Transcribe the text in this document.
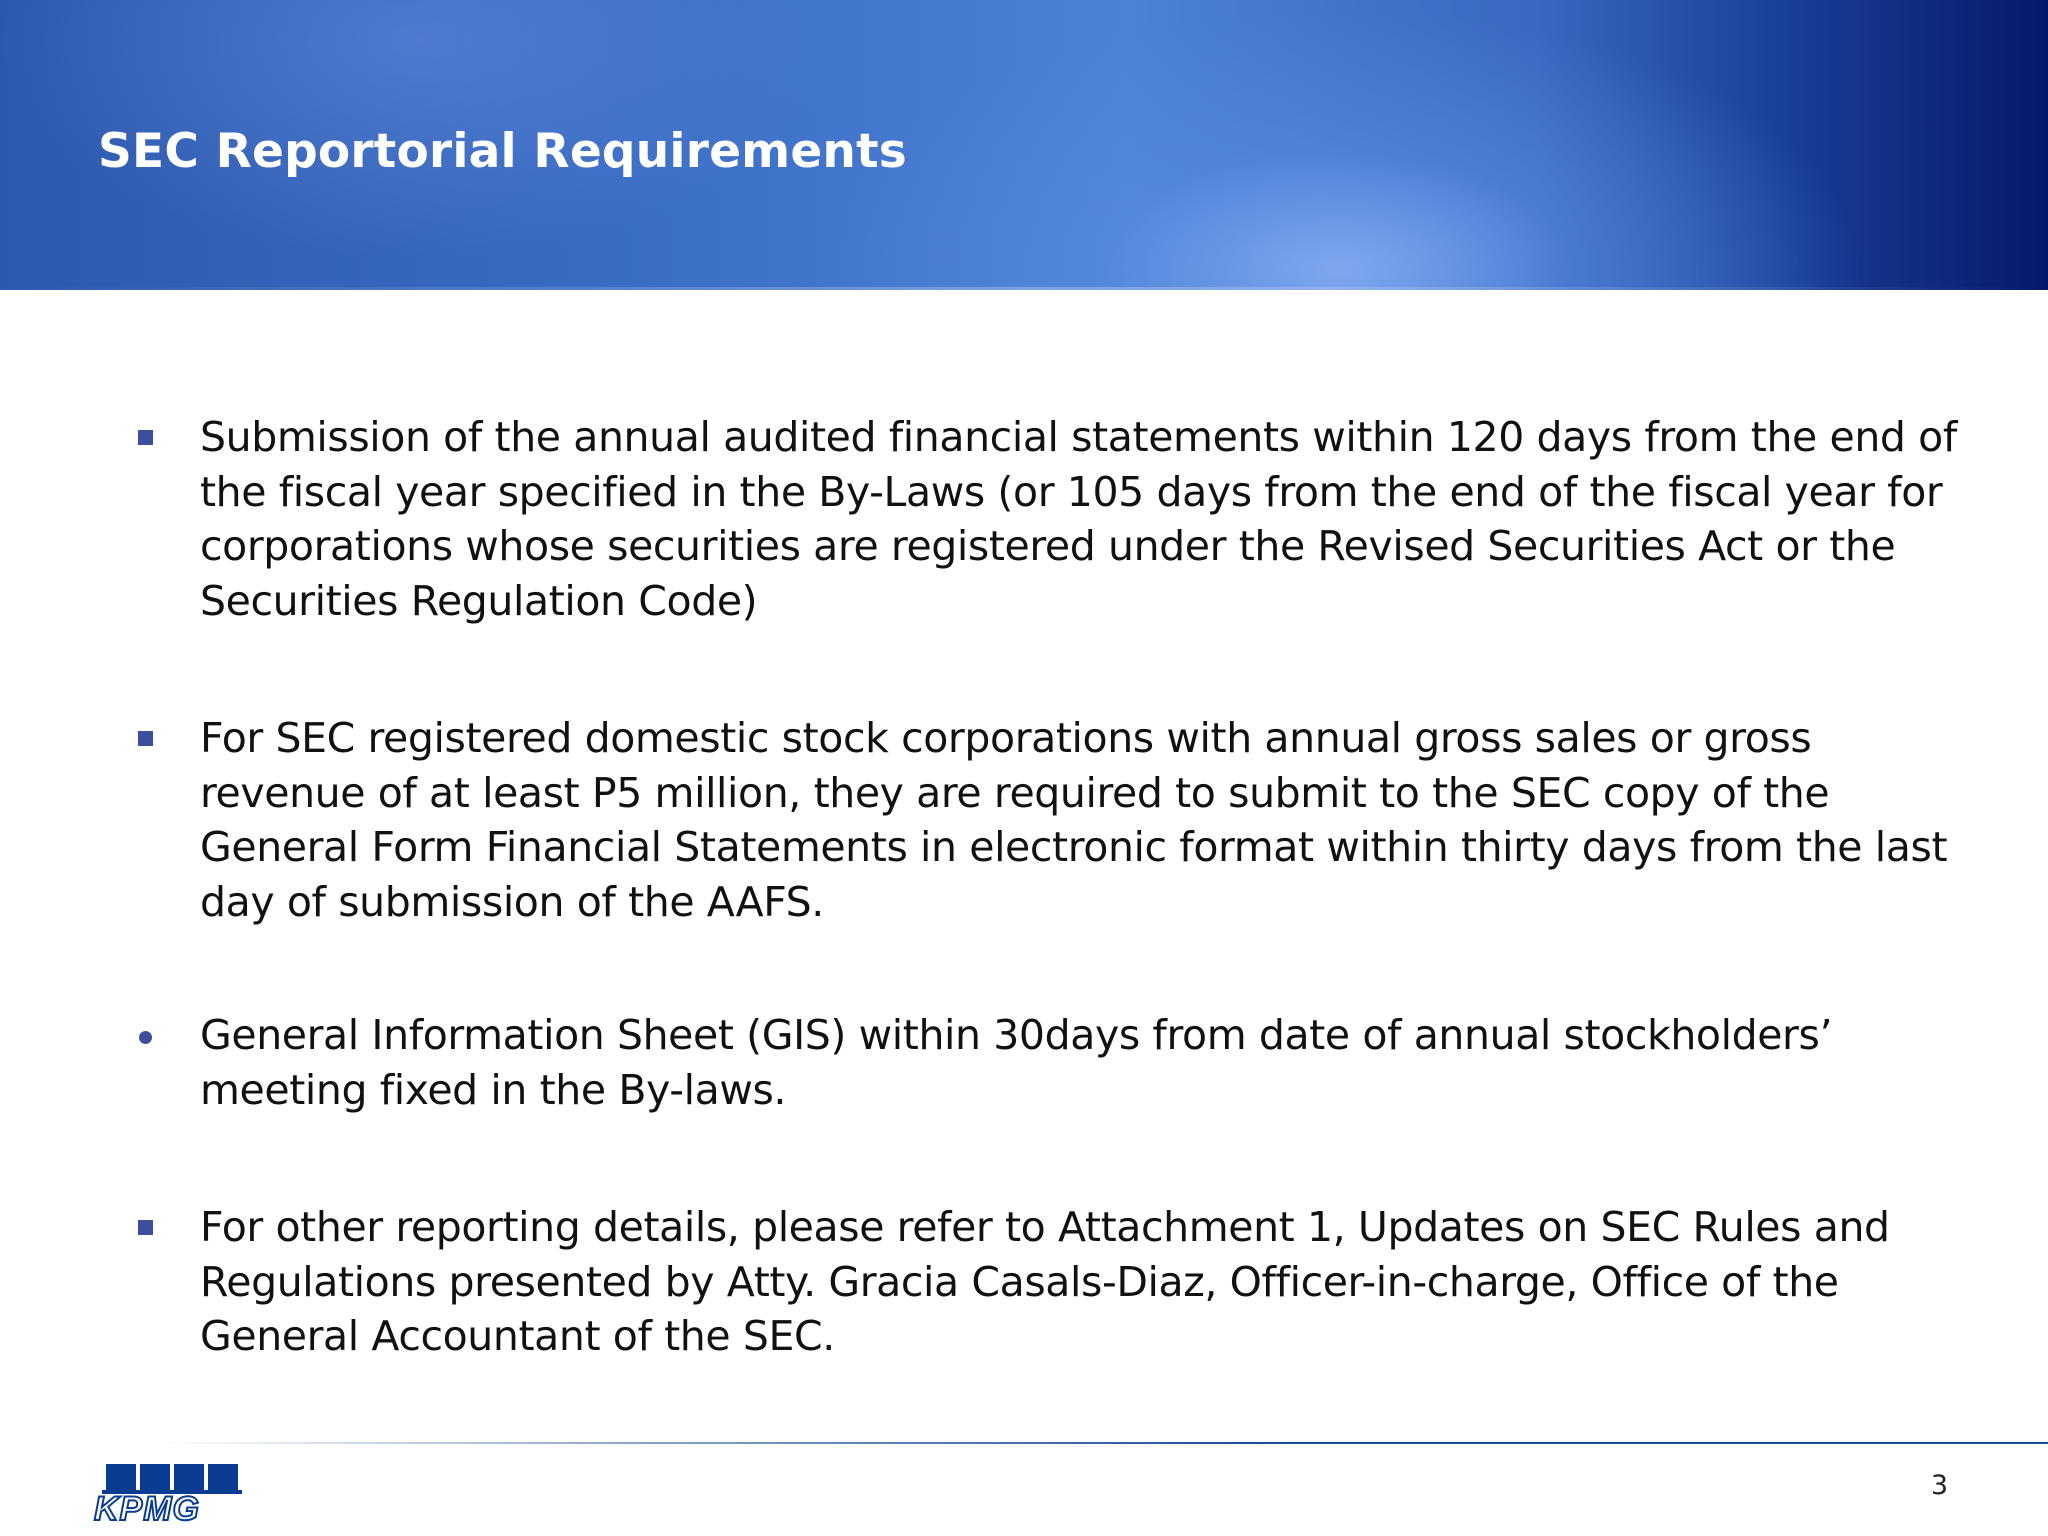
SEC Reportorial Requirements
Submission of the annual audited financial statements within 120 days from the end of the fiscal year specified in the By-Laws (or 105 days from the end of the fiscal year for corporations whose securities are registered under the Revised Securities Act or the Securities Regulation Code)
For SEC registered domestic stock corporations with annual gross sales or gross revenue of at least P5 million, they are required to submit to the SEC copy of the General Form Financial Statements in electronic format within thirty days from the last day of submission of the AAFS.
General Information Sheet (GIS) within 30days from date of annual stockholders’ meeting fixed in the By-laws.
For other reporting details, please refer to Attachment 1, Updates on SEC Rules and Regulations presented by Atty. Gracia Casals-Diaz, Officer-in-charge, Office of the General Accountant of the SEC.
KPMG
3
